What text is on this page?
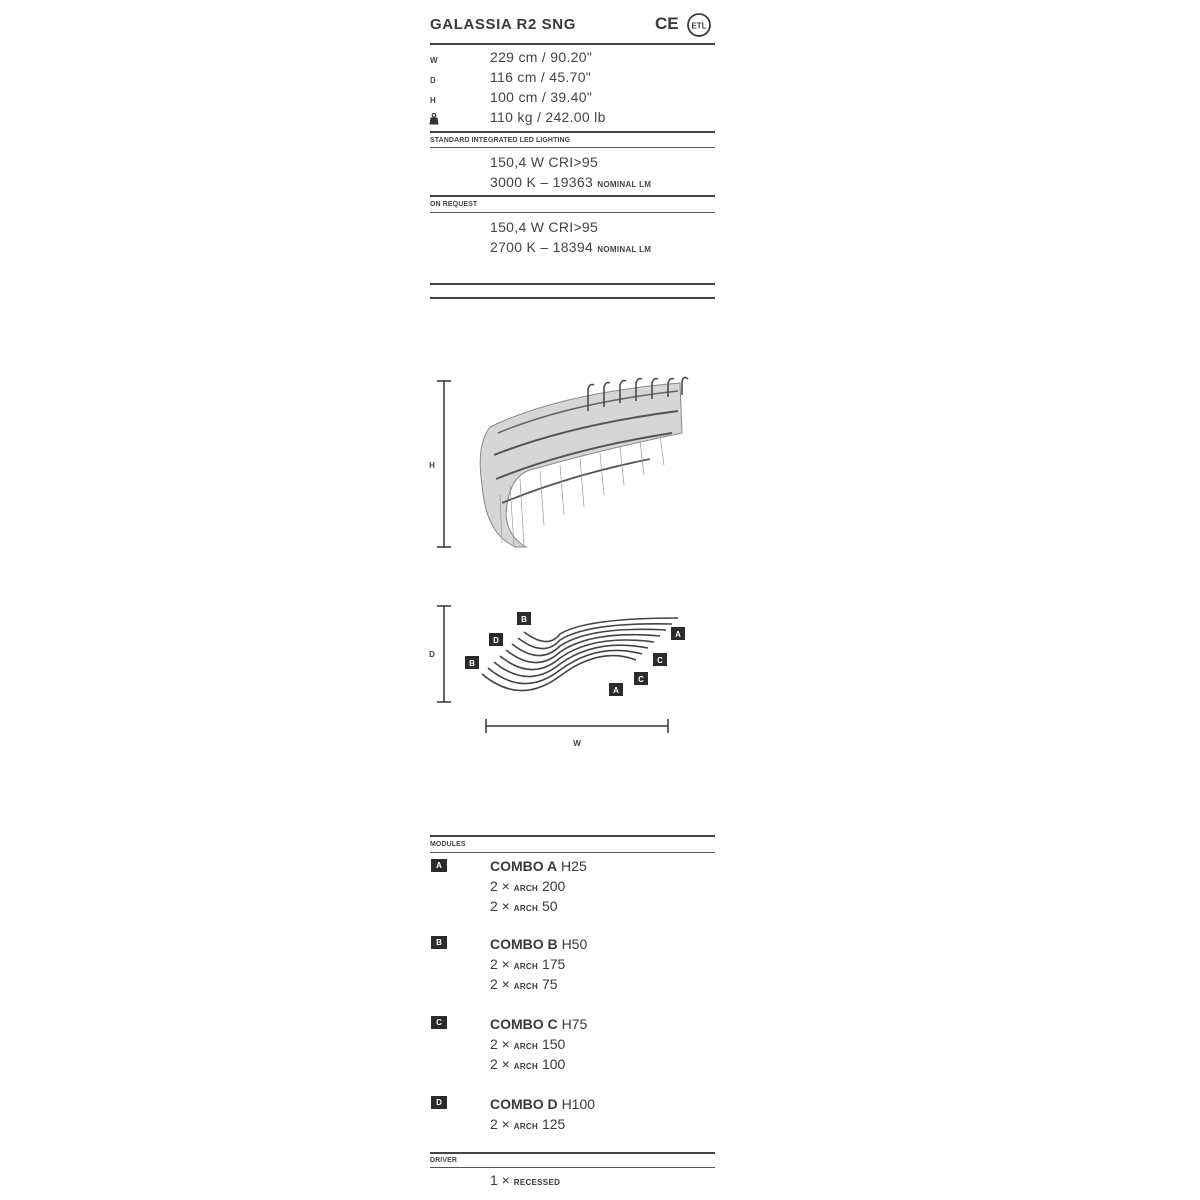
GALASSIA R2 SNG	CE ETL
W	229 cm / 90.20"
D	116 cm / 45.70"
H	100 cm / 39.40"
110 kg / 242.00 lb
STANDARD INTEGRATED LED LIGHTING
150,4 W CRI>95
3000 K – 19363 NOMINAL LM
ON REQUEST
150,4 W CRI>95
2700 K – 18394 NOMINAL LM
H
D
W
B
D
B
A
C
C
A
MODULES
A	COMBO A H25
2 × ARCH 200
2 × ARCH 50
B	COMBO B H50
2 × ARCH 175
2 × ARCH 75
C	COMBO C H75
2 × ARCH 150
2 × ARCH 100
D	COMBO D H100
2 × ARCH 125
DRIVER
1 × RECESSED
